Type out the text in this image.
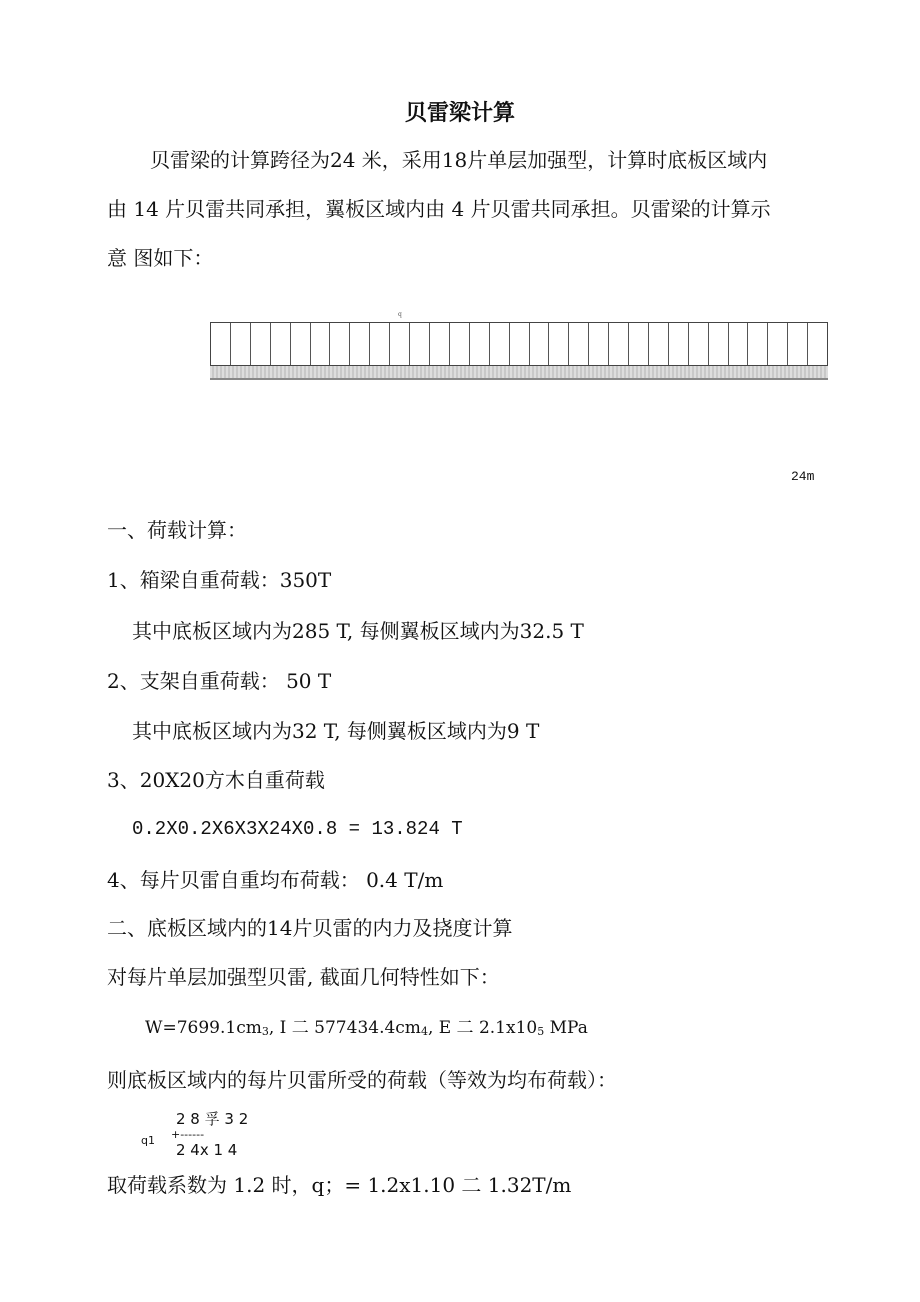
贝雷梁计算
贝雷梁的计算跨径为24 米，采用18片单层加强型，计算时底板区域内
由 14 片贝雷共同承担，翼板区域内由 4 片贝雷共同承担。贝雷梁的计算示
意 图如下：
q
24m
一、荷载计算：
1、箱梁自重荷载：350T
其中底板区域内为285 T, 每侧翼板区域内为32.5 T
2、支架自重荷载： 50 T
其中底板区域内为32 T, 每侧翼板区域内为9 T
3、20X20方木自重荷载
0.2X0.2X6X3X24X0.8 = 13.824 T
4、每片贝雷自重均布荷载： 0.4 T/m
二、底板区域内的14片贝雷的内力及挠度计算
对每片单层加强型贝雷, 截面几何特性如下：
$W=7699.1cm_3$, I 二 $577434.4cm_4$, E 二 $2.1x10_5$ MPa
则底板区域内的每片贝雷所受的荷载（等效为均布荷载）：
2 8 孚 3 2
q1 +------
2 4x 1 4
取荷载系数为 1.2 时，q；= 1.2x1.10 二 1.32T/m
